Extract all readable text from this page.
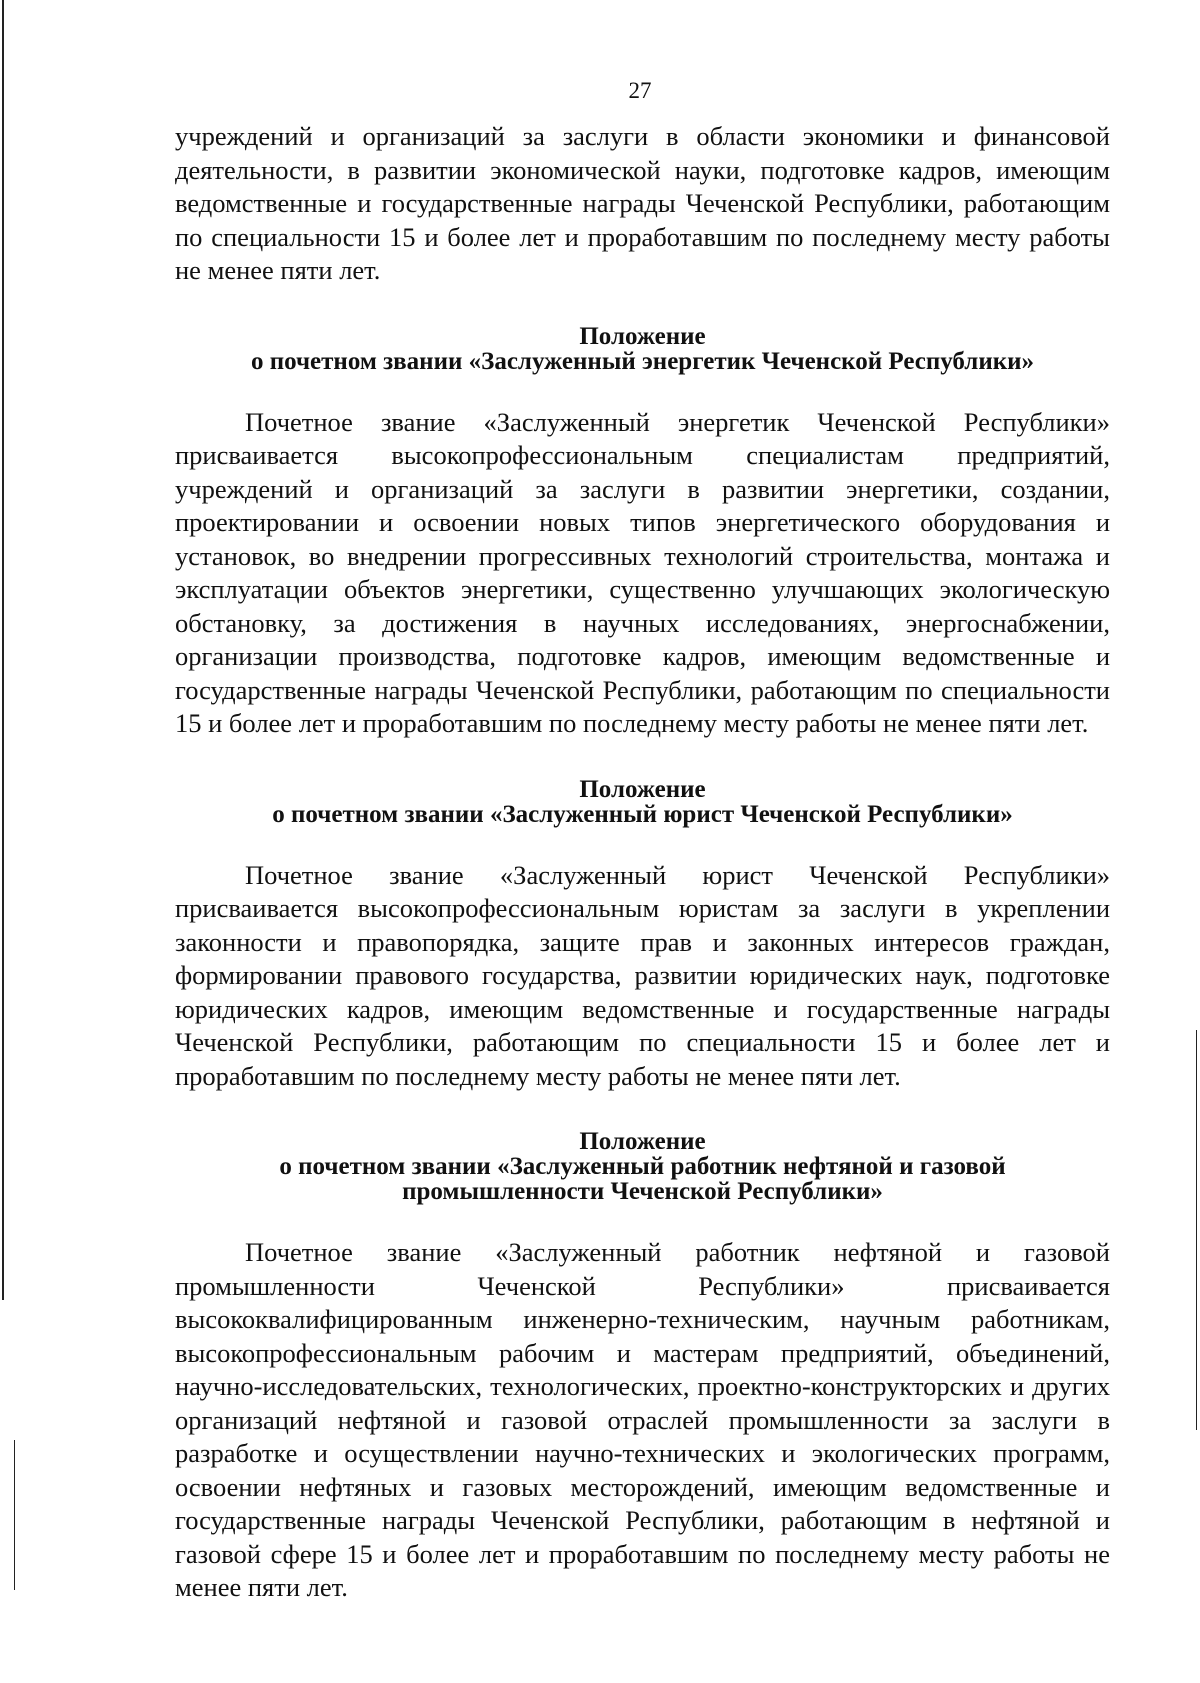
27

учреждений и организаций за заслуги в области экономики и финансовой деятельности, в развитии экономической науки, подготовке кадров, имеющим ведомственные и государственные награды Чеченской Республики, работающим по специальности 15 и более лет и проработавшим по последнему месту работы не менее пяти лет.

Положение

о почетном звании «Заслуженный энергетик Чеченской Республики»

Почетное звание «Заслуженный энергетик Чеченской Республики» присваивается высокопрофессиональным специалистам предприятий, учреждений и организаций за заслуги в развитии энергетики, создании, проектировании и освоении новых типов энергетического оборудования и установок, во внедрении прогрессивных технологий строительства, монтажа и эксплуатации объектов энергетики, существенно улучшающих экологическую обстановку, за достижения в научных исследованиях, энергоснабжении, организации производства, подготовке кадров, имеющим ведомственные и государственные награды Чеченской Республики, работающим по специальности 15 и более лет и проработавшим по последнему месту работы не менее пяти лет.

Положение

о почетном звании «Заслуженный юрист Чеченской Республики»

Почетное звание «Заслуженный юрист Чеченской Республики» присваивается высокопрофессиональным юристам за заслуги в укреплении законности и правопорядка, защите прав и законных интересов граждан, формировании правового государства, развитии юридических наук, подготовке юридических кадров, имеющим ведомственные и государственные награды Чеченской Республики, работающим по специальности 15 и более лет и проработавшим по последнему месту работы не менее пяти лет.

Положение

о почетном звании «Заслуженный работник нефтяной и газовой

промышленности Чеченской Республики»

Почетное звание «Заслуженный работник нефтяной и газовой промышленности Чеченской Республики» присваивается высококвалифицированным инженерно-техническим, научным работникам, высокопрофессиональным рабочим и мастерам предприятий, объединений, научно-исследовательских, технологических, проектно-конструкторских и других организаций нефтяной и газовой отраслей промышленности за заслуги в разработке и осуществлении научно-технических и экологических программ, освоении нефтяных и газовых месторождений, имеющим ведомственные и государственные награды Чеченской Республики, работающим в нефтяной и газовой сфере 15 и более лет и проработавшим по последнему месту работы не менее пяти лет.
